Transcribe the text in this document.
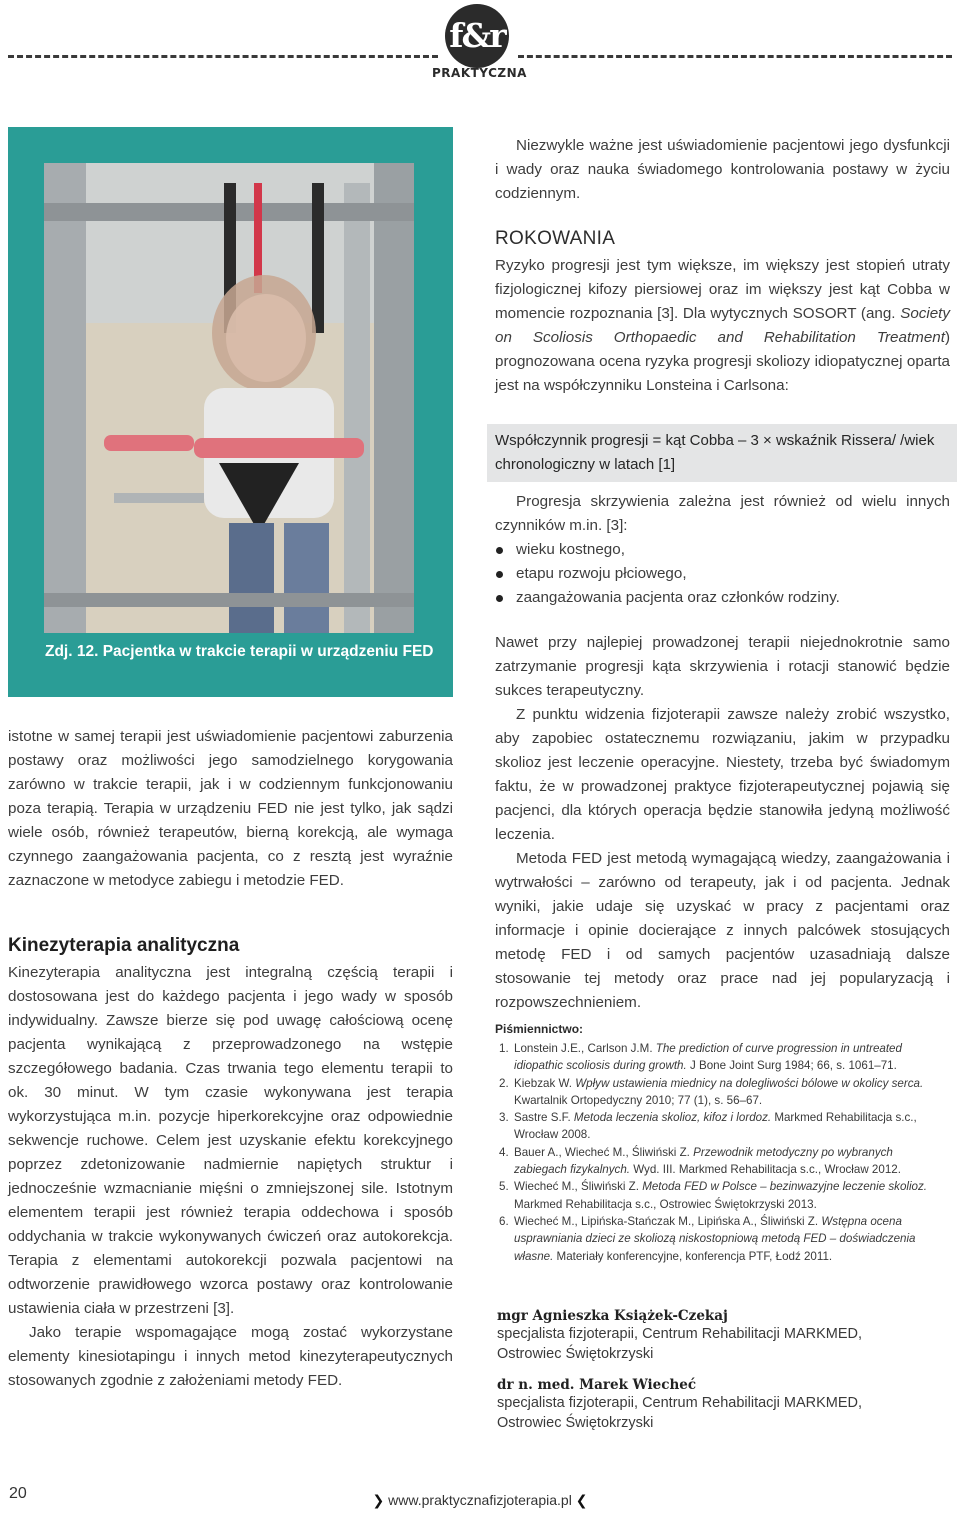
f&r
PRAKTYCZNA
Zdj. 12. Pacjentka w trakcie terapii w urządzeniu FED

istotne w samej terapii jest uświadomienie pacjentowi zaburzenia postawy oraz możliwości jego samodzielnego korygowania zarówno w trakcie terapii, jak i w codziennym funkcjonowaniu poza terapią. Terapia w urządzeniu FED nie jest tylko, jak sądzi wiele osób, również terapeutów, bierną korekcją, ale wymaga czynnego zaangażowania pacjenta, co z resztą jest wyraźnie zaznaczone w metodyce zabiegu i metodzie FED.

Kinezyterapia analityczna

Kinezyterapia analityczna jest integralną częścią terapii i dostosowana jest do każdego pacjenta i jego wady w sposób indywidualny. Zawsze bierze się pod uwagę całościową ocenę pacjenta wynikającą z przeprowadzonego na wstępie szczegółowego badania. Czas trwania tego elementu terapii to ok. 30 minut. W tym czasie wykonywana jest terapia wykorzystująca m.in. pozycje hiperkorekcyjne oraz odpowiednie sekwencje ruchowe. Celem jest uzyskanie efektu korekcyjnego poprzez zdetonizowanie nadmiernie napiętych struktur i jednocześnie wzmacnianie mięśni o zmniejszonej sile. Istotnym elementem terapii jest również terapia oddechowa i sposób oddychania w trakcie wykonywanych ćwiczeń oraz autokorekcja. Terapia z elementami autokorekcji pozwala pacjentowi na odtworzenie prawidłowego wzorca postawy oraz kontrolowanie ustawienia ciała w przestrzeni [3].

Jako terapie wspomagające mogą zostać wykorzystane elementy kinesiotapingu i innych metod kinezyterapeutycznych stosowanych zgodnie z założeniami metody FED.

Niezwykle ważne jest uświadomienie pacjentowi jego dysfunkcji i wady oraz nauka świadomego kontrolowania postawy w życiu codziennym.

ROKOWANIA

Ryzyko progresji jest tym większe, im większy jest stopień utraty fizjologicznej kifozy piersiowej oraz im większy jest kąt Cobba w momencie rozpoznania [3]. Dla wytycznych SOSORT (ang. Society on Scoliosis Orthopaedic and Rehabilitation Treatment) prognozowana ocena ryzyka progresji skoliozy idiopatycznej oparta jest na współczynniku Lonsteina i Carlsona:

Współczynnik progresji = kąt Cobba – 3 × wskaźnik Rissera/ /wiek chronologiczny w latach [1]

Progresja skrzywienia zależna jest również od wielu innych czynników m.in. [3]:

wieku kostnego,
etapu rozwoju płciowego,
zaangażowania pacjenta oraz członków rodziny.

Nawet przy najlepiej prowadzonej terapii niejednokrotnie samo zatrzymanie progresji kąta skrzywienia i rotacji stanowić będzie sukces terapeutyczny.

Z punktu widzenia fizjoterapii zawsze należy zrobić wszystko, aby zapobiec ostatecznemu rozwiązaniu, jakim w przypadku skolioz jest leczenie operacyjne. Niestety, trzeba być świadomym faktu, że w prowadzonej praktyce fizjoterapeutycznej pojawią się pacjenci, dla których operacja będzie stanowiła jedyną możliwość leczenia.

Metoda FED jest metodą wymagającą wiedzy, zaangażowania i wytrwałości – zarówno od terapeuty, jak i od pacjenta. Jednak wyniki, jakie udaje się uzyskać w pracy z pacjentami oraz informacje i opinie docierające z innych palcówek stosujących metodę FED i od samych pacjentów uzasadniają dalsze stosowanie tej metody oraz prace nad jej popularyzacją i rozpowszechnieniem.

Piśmiennictwo:
1. Lonstein J.E., Carlson J.M. The prediction of curve progression in untreated idiopathic scoliosis during growth. J Bone Joint Surg 1984; 66, s. 1061–71.
2. Kiebzak W. Wpływ ustawienia miednicy na dolegliwości bólowe w okolicy serca. Kwartalnik Ortopedyczny 2010; 77 (1), s. 56–67.
3. Sastre S.F. Metoda leczenia skolioz, kifoz i lordoz. Markmed Rehabilitacja s.c., Wrocław 2008.
4. Bauer A., Wiecheć M., Śliwiński Z. Przewodnik metodyczny po wybranych zabiegach fizykalnych. Wyd. III. Markmed Rehabilitacja s.c., Wrocław 2012.
5. Wiecheć M., Śliwiński Z. Metoda FED w Polsce – bezinwazyjne leczenie skolioz. Markmed Rehabilitacja s.c., Ostrowiec Świętokrzyski 2013.
6. Wiecheć M., Lipińska-Stańczak M., Lipińska A., Śliwiński Z. Wstępna ocena usprawniania dzieci ze skoliozą niskostopniową metodą FED – doświadczenia własne. Materiały konferencyjne, konferencja PTF, Łodź 2011.
mgr Agnieszka Książek-Czekaj
specjalista fizjoterapii, Centrum Rehabilitacji MARKMED,
Ostrowiec Świętokrzyski
dr n. med. Marek Wiecheć
specjalista fizjoterapii, Centrum Rehabilitacji MARKMED,
Ostrowiec Świętokrzyski
20	❯ www.praktycznafizjoterapia.pl ❮
